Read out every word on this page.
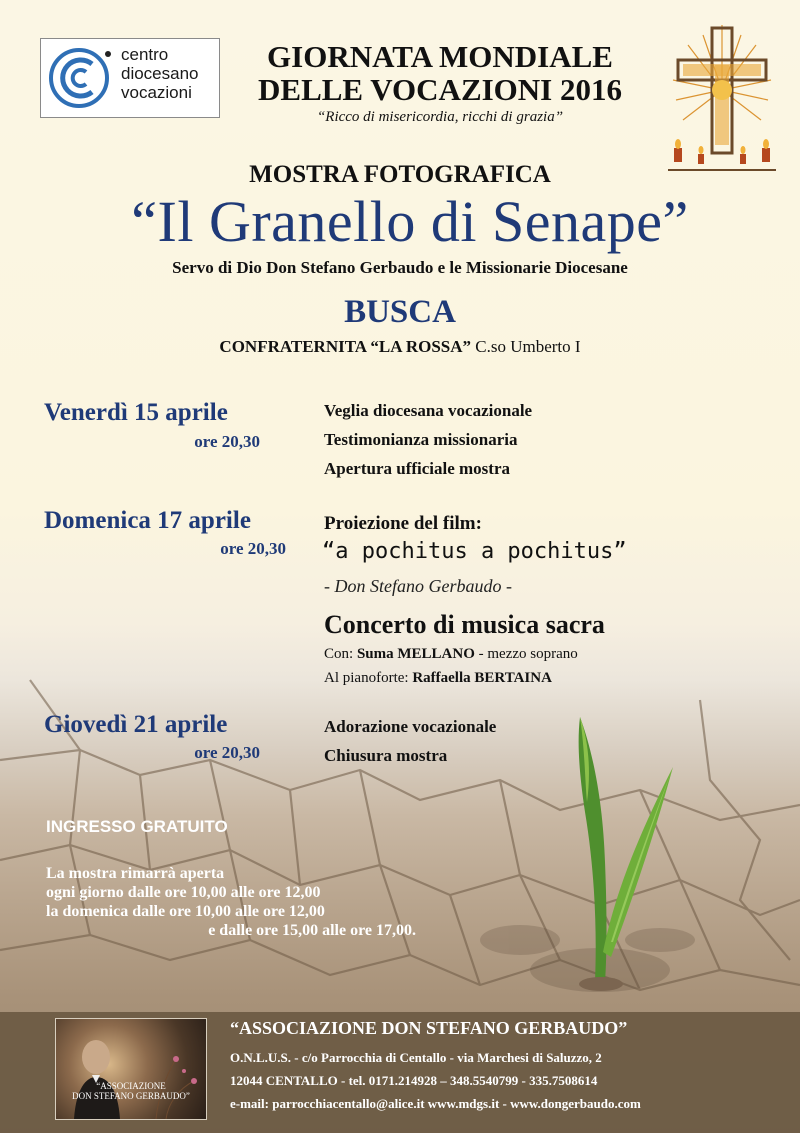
centro
diocesano
vocazioni
GIORNATA MONDIALE
DELLE VOCAZIONI 2016
“Ricco di misericordia, ricchi di grazia”
MOSTRA FOTOGRAFICA
“Il Granello di Senape”
Servo di Dio Don Stefano Gerbaudo e le Missionarie Diocesane
BUSCA
CONFRATERNITA “LA ROSSA” C.so Umberto I
Venerdì 15 aprile
ore 20,30
Veglia diocesana vocazionale
Testimonianza missionaria
Apertura ufficiale mostra
Domenica 17 aprile
ore 20,30
Proiezione del film:
“a pochitus a pochitus”
- Don Stefano Gerbaudo -
Concerto di musica sacra
Con: Suma MELLANO - mezzo soprano
Al pianoforte: Raffaella BERTAINA
Giovedì 21 aprile
ore 20,30
Adorazione vocazionale
Chiusura mostra
INGRESSO GRATUITO
La mostra rimarrà aperta
ogni giorno dalle ore 10,00 alle ore 12,00
la domenica dalle ore 10,00 alle ore 12,00
e dalle ore 15,00 alle ore 17,00.
“ASSOCIAZIONE
DON STEFANO GERBAUDO”
“ASSOCIAZIONE DON STEFANO GERBAUDO”
O.N.L.U.S. - c/o Parrocchia di Centallo - via Marchesi di Saluzzo, 2
12044 CENTALLO - tel. 0171.214928 – 348.5540799 - 335.7508614
e-mail: parrocchiacentallo@alice.it www.mdgs.it - www.dongerbaudo.com
